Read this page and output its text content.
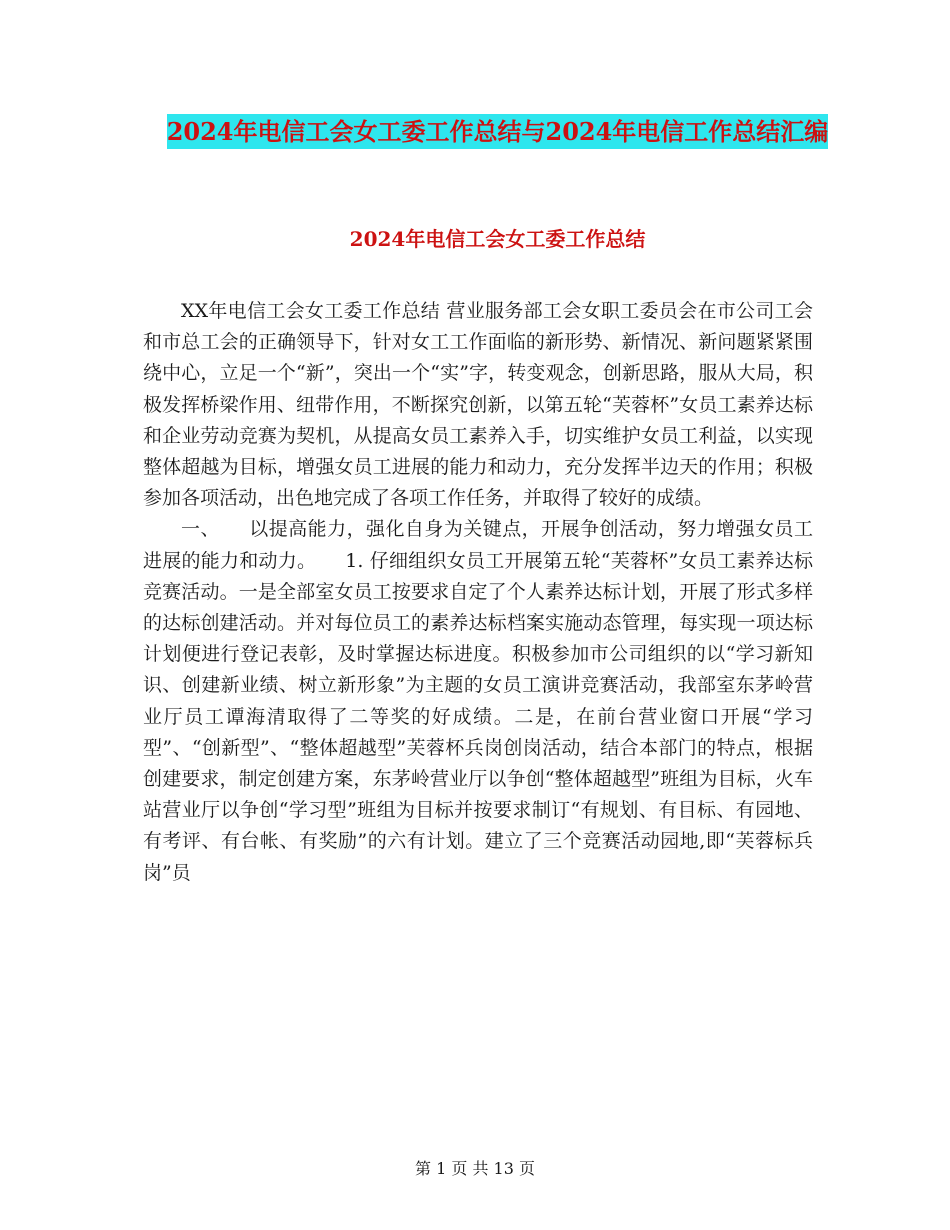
2024年电信工会女工委工作总结与2024年电信工作总结汇编
2024年电信工会女工委工作总结

XX年电信工会女工委工作总结 营业服务部工会女职工委员会在市公司工会和市总工会的正确领导下，针对女工工作面临的新形势、新情况、新问题紧紧围绕中心，立足一个“新”，突出一个“实”字，转变观念，创新思路，服从大局，积极发挥桥梁作用、纽带作用，不断探究创新，以第五轮“芙蓉杯”女员工素养达标和企业劳动竞赛为契机，从提高女员工素养入手，切实维护女员工利益，以实现整体超越为目标，增强女员工进展的能力和动力，充分发挥半边天的作用；积极参加各项活动，出色地完成了各项工作任务，并取得了较好的成绩。

一、　　以提高能力，强化自身为关键点，开展争创活动，努力增强女员工进展的能力和动力。　　1. 仔细组织女员工开展第五轮“芙蓉杯”女员工素养达标竞赛活动。一是全部室女员工按要求自定了个人素养达标计划，开展了形式多样的达标创建活动。并对每位员工的素养达标档案实施动态管理，每实现一项达标计划便进行登记表彰，及时掌握达标进度。积极参加市公司组织的以“学习新知识、创建新业绩、树立新形象”为主题的女员工演讲竞赛活动，我部室东茅岭营业厅员工谭海清取得了二等奖的好成绩。二是，在前台营业窗口开展“学习型”、“创新型”、“整体超越型”芙蓉杯兵岗创岗活动，结合本部门的特点，根据创建要求，制定创建方案，东茅岭营业厅以争创“整体超越型”班组为目标，火车站营业厅以争创“学习型”班组为目标并按要求制订“有规划、有目标、有园地、有考评、有台帐、有奖励”的六有计划。建立了三个竞赛活动园地,即“芙蓉标兵岗”员

第 1 页 共 13 页
